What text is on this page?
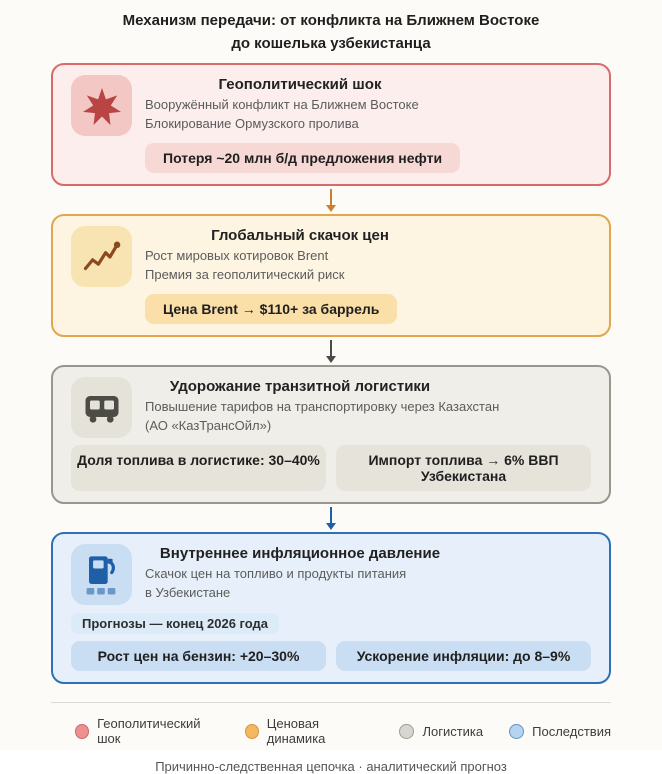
Механизм передачи: от конфликта на Ближнем Востоке
до кошелька узбекистанца
Геополитический шок
Вооружённый конфликт на Ближнем Востоке
Блокирование Ормузского пролива
Потеря ~20 млн б/д предложения нефти
Глобальный скачок цен
Рост мировых котировок Brent
Премия за геополитический риск
Цена Brent → $110+ за баррель
Удорожание транзитной логистики
Повышение тарифов на транспортировку через Казахстан
(АО «КазТрансОйл»)
Доля топлива в логистике: 30–40%	Импорт топлива → 6% ВВП Узбекистана
Внутреннее инфляционное давление
Скачок цен на топливо и продукты питания
в Узбекистане
Прогнозы — конец 2026 года
Рост цен на бензин: +20–30%	Ускорение инфляции: до 8–9%
Геополитический шок
Ценовая динамика	Логистика	Последствия
Причинно-следственная цепочка · аналитический прогноз
